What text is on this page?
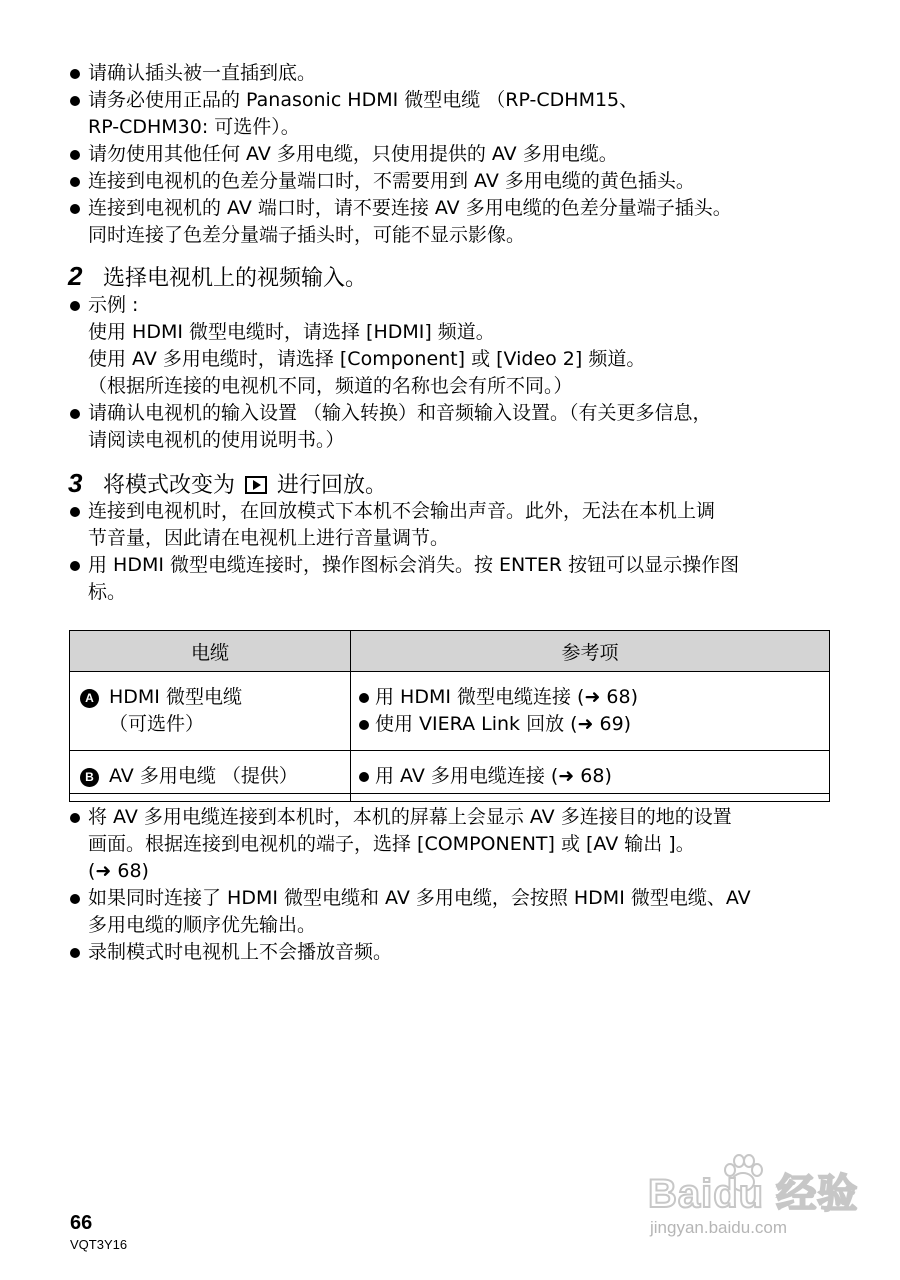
请确认插头被一直插到底。
请务必使用正品的 Panasonic HDMI 微型电缆 （RP-CDHM15、
RP-CDHM30: 可选件）。
请勿使用其他任何 AV 多用电缆，只使用提供的 AV 多用电缆。
连接到电视机的色差分量端口时，不需要用到 AV 多用电缆的黄色插头。
连接到电视机的 AV 端口时，请不要连接 AV 多用电缆的色差分量端子插头。
同时连接了色差分量端子插头时，可能不显示影像。
2 选择电视机上的视频输入。
示例 :
使用 HDMI 微型电缆时，请选择 [HDMI] 频道。
使用 AV 多用电缆时，请选择 [Component] 或 [Video 2] 频道。
（根据所连接的电视机不同，频道的名称也会有所不同。）
请确认电视机的输入设置 （输入转换）和音频输入设置。（有关更多信息，
请阅读电视机的使用说明书。）
3 将模式改变为 进行回放。
连接到电视机时，在回放模式下本机不会输出声音。此外，无法在本机上调
节音量，因此请在电视机上进行音量调节。
用 HDMI 微型电缆连接时，操作图标会消失。按 ENTER 按钮可以显示操作图
标。
电缆	参考项
A HDMI 微型电缆
（可选件）	用 HDMI 微型电缆连接 (➜ 68)
使用 VIERA Link 回放 (➜ 69)

B AV 多用电缆 （提供）	用 AV 多用电缆连接 (➜ 68)
将 AV 多用电缆连接到本机时，本机的屏幕上会显示 AV 多连接目的地的设置
画面。根据连接到电视机的端子，选择 [COMPONENT] 或 [AV 输出 ]。
(➜ 68)
如果同时连接了 HDMI 微型电缆和 AV 多用电缆，会按照 HDMI 微型电缆、AV
多用电缆的顺序优先输出。
录制模式时电视机上不会播放音频。
66
VQT3Y16
Baidu 经验
jingyan.baidu.com
